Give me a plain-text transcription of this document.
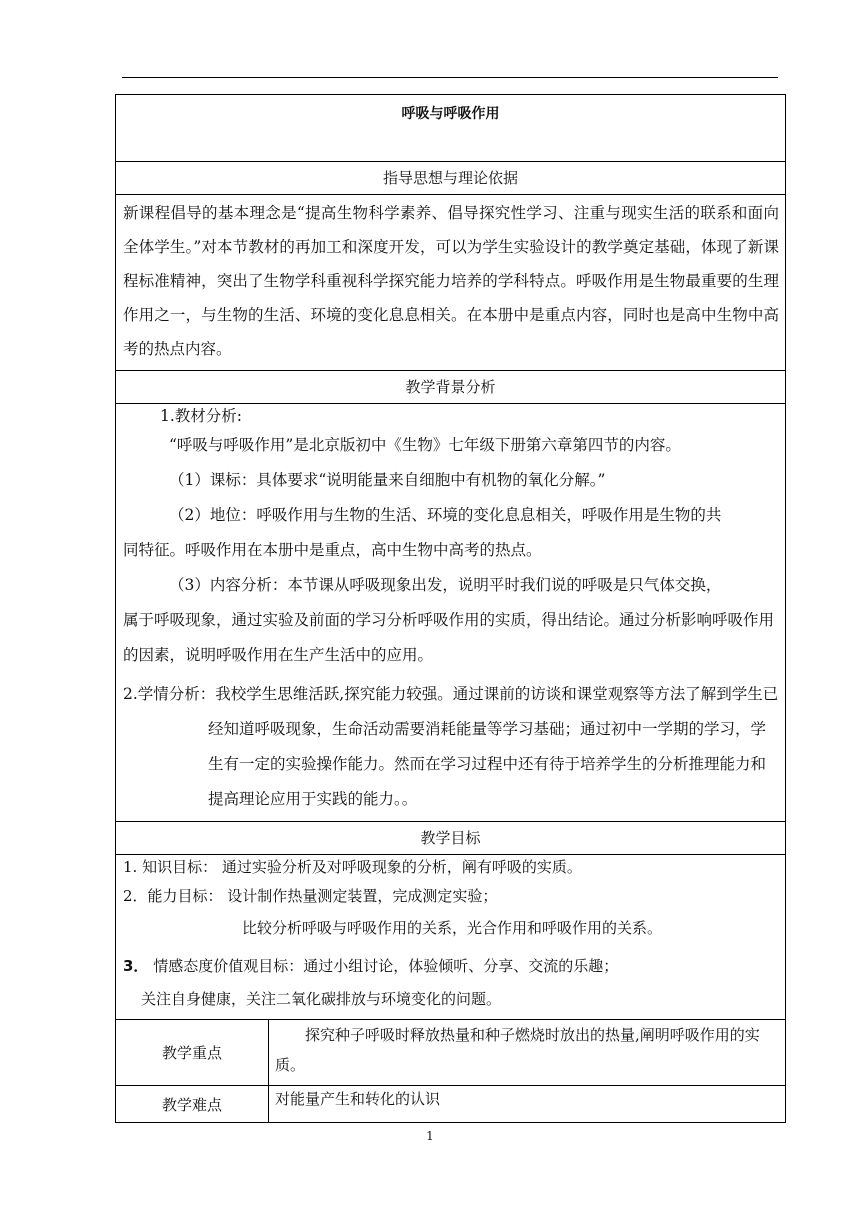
呼吸与呼吸作用
指导思想与理论依据
新课程倡导的基本理念是“提高生物科学素养、倡导探究性学习、注重与现实生活的联系和面向全体学生。”对本节教材的再加工和深度开发，可以为学生实验设计的教学奠定基础，体现了新课程标准精神，突出了生物学科重视科学探究能力培养的学科特点。呼吸作用是生物最重要的生理作用之一，与生物的生活、环境的变化息息相关。在本册中是重点内容，同时也是高中生物中高考的热点内容。
教学背景分析

1.教材分析:

“呼吸与呼吸作用”是北京版初中《生物》七年级下册第六章第四节的内容。

（1）课标：具体要求“说明能量来自细胞中有机物的氧化分解。”

（2）地位：呼吸作用与生物的生活、环境的变化息息相关，呼吸作用是生物的共

同特征。呼吸作用在本册中是重点，高中生物中高考的热点。

（3）内容分析：本节课从呼吸现象出发，说明平时我们说的呼吸是只气体交换，

属于呼吸现象，通过实验及前面的学习分析呼吸作用的实质，得出结论。通过分析影响呼吸作用的因素，说明呼吸作用在生产生活中的应用。

2.学情分析：我校学生思维活跃,探究能力较强。通过课前的访谈和课堂观察等方法了解到学生已经知道呼吸现象，生命活动需要消耗能量等学习基础；通过初中一学期的学习，学生有一定的实验操作能力。然而在学习过程中还有待于培养学生的分析推理能力和提高理论应用于实践的能力。。

教学目标

1. 知识目标： 通过实验分析及对呼吸现象的分析，阐有呼吸的实质。

2．能力目标： 设计制作热量测定装置，完成测定实验；

比较分析呼吸与呼吸作用的关系，光合作用和呼吸作用的关系。

3． 情感态度价值观目标：通过小组讨论，体验倾听、分享、交流的乐趣；

关注自身健康，关注二氧化碳排放与环境变化的问题。

教学重点
探究种子呼吸时释放热量和种子燃烧时放出的热量,阐明呼吸作用的实质。
教学难点	对能量产生和转化的认识
1
